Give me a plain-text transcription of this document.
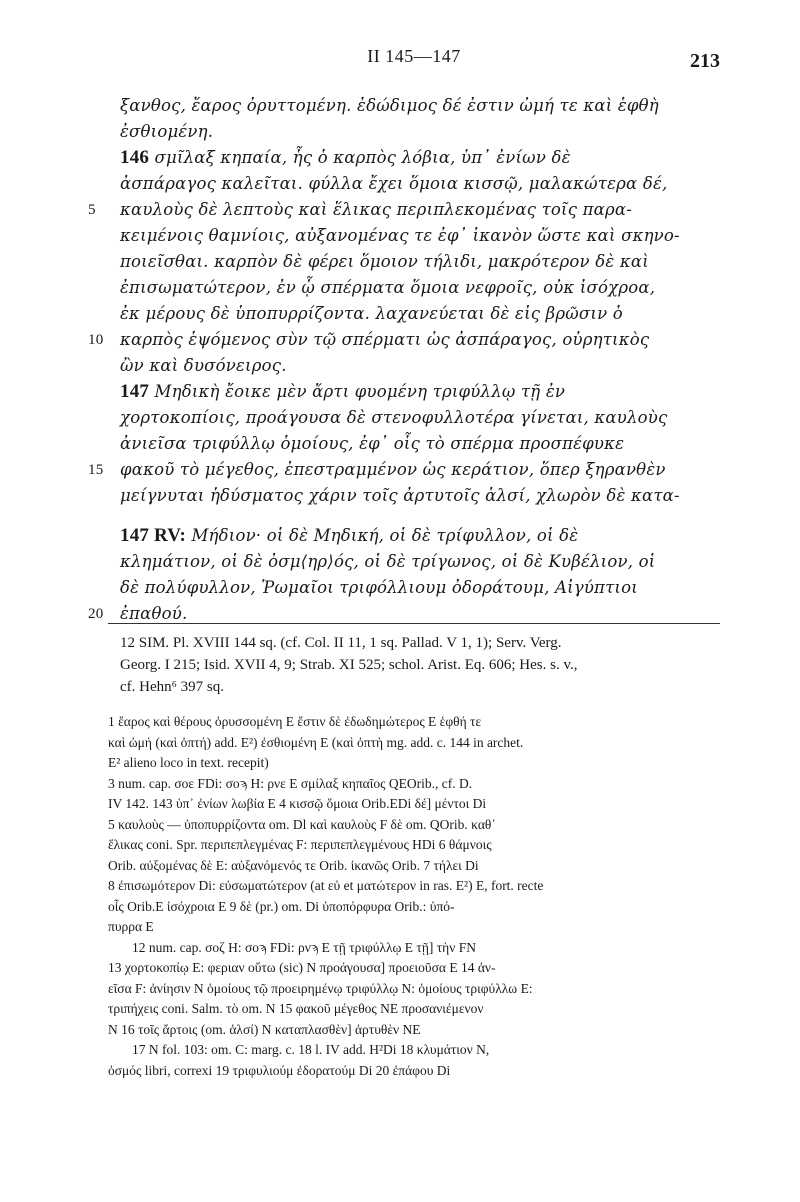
II 145—147	213
ξανθος, ἔαρος ὀρυττομένη. ἐδώδιμος δέ ἐστιν ὠμή τε καὶ ἑφθὴ
ἐσθιομένη.
146 σμῖλαξ κηπαία, ἧς ὁ καρπὸς λόβια, ὑπ᾿ ἐνίων δὲ
ἀσπάραγος καλεῖται. φύλλα ἔχει ὅμοια κισσῷ, μαλακώτερα δέ,
5 καυλοὺς δὲ λεπτοὺς καὶ ἕλικας περιπλεκομένας τοῖς παρα-
κειμένοις θαμνίοις, αὐξανομένας τε ἐφ᾿ ἱκανὸν ὥστε καὶ σκηνο-
ποιεῖσθαι. καρπὸν δὲ φέρει ὅμοιον τήλιδι, μακρότερον δὲ καὶ
ἐπισωματώτερον, ἐν ᾧ σπέρματα ὅμοια νεφροῖς, οὐκ ἰσόχροα,
ἐκ μέρους δὲ ὑποπυρρίζοντα. λαχανεύεται δὲ εἰς βρῶσιν ὁ
10 καρπὸς ἑψόμενος σὺν τῷ σπέρματι ὡς ἀσπάραγος, οὐρητικὸς
ὢν καὶ δυσόνειρος.
147 Μηδικὴ ἔοικε μὲν ἄρτι φυομένη τριφύλλῳ τῇ ἐν
χορτοκοπίοις, προάγουσα δὲ στενοφυλλοτέρα γίνεται, καυλοὺς
ἀνιεῖσα τριφύλλῳ ὁμοίους, ἐφ᾿ οἷς τὸ σπέρμα προσπέφυκε
15 φακοῦ τὸ μέγεθος, ἐπεστραμμένον ὡς κεράτιον, ὅπερ ξηρανθὲν
μείγνυται ἡδύσματος χάριν τοῖς ἀρτυτοῖς ἁλσί, χλωρὸν δὲ κατα-
147 RV: Μήδιον· οἱ δὲ Μηδική, οἱ δὲ τρίφυλλον, οἱ δὲ
κλημάτιον, οἱ δὲ ὀσμ⟨ηρ⟩ός, οἱ δὲ τρίγωνος, οἱ δὲ Κυβέλιον, οἱ
δὲ πολύφυλλον, Ῥωμαῖοι τριφόλλιουμ ὀδοράτουμ, Αἰγύπτιοι
20 ἐπαθού.
12 SIM. Pl. XVIII 144 sq. (cf. Col. II 11, 1 sq. Pallad. V 1, 1); Serv. Verg.
Georg. I 215; Isid. XVII 4, 9; Strab. XI 525; schol. Arist. Eq. 606; Hes. s. v.,
cf. Hehn⁶ 397 sq.
1 ἔαρος καὶ θέρους ὀρυσσομένη E ἔστιν δὲ ἐδωδημώτερος E ἑφθή τε
καὶ ὠμή (καὶ ὀπτή) add. E²) ἐσθιομένη E (καὶ ὀπτὴ mg. add. c. 144 in archet.
E² alieno loco in text. recepit)
3 num. cap. σοε FDi: σοϡ H: ρνε E σμίλαξ κηπαῖος QEOrib., cf. D.
IV 142. 143 ὑπ᾿ ἐνίων λωβία E 4 κισσῷ ὅμοια Orib.EDi δέ] μέντοι Di
5 καυλοὺς — ὑποπυρρίζοντα om. Dl καὶ καυλοὺς F δὲ om. QOrib. καθ᾿
ἕλικας coni. Spr. περιπεπλεγμένας F: περιπεπλεγμένους HDi 6 θάμνοις
Orib. αὐξομένας δὲ E: αὐξανόμενός τε Orib. ἱκανῶς Orib. 7 τήλει Di
8 ἐπισωμότερον Di: εὐσωματώτερον (at εὐ et ματώτερον in ras. E²) E, fort. recte
οἷς Orib.E ἰσόχροια E 9 δὲ (pr.) om. Di ὑποπόρφυρα Orib.: ὑπό-
πυρρα E
12 num. cap. σοζ H: σοϡ FDi: ρνϡ E τῇ τριφύλλῳ E τῇ] τὴν FN
13 χορτοκοπίῳ E: φεριαν οὕτω (sic) N προάγουσα] προειοῦσα E 14 ἀν-
εῖσα F: ἀνίησιν N ὁμοίους τῷ προειρημένῳ τριφύλλῳ N: ὁμοίους τριφύλλω E:
τριπήχεις coni. Salm. τὸ om. N 15 φακοῦ μέγεθος NE προσανιέμενον
N 16 τοῖς ἄρτοις (om. ἁλσί) N καταπλασθὲν] ἀρτυθὲν NE
17 N fol. 103: om. C: marg. c. 18 l. IV add. H²Di 18 κλυμάτιον N,
ὀσμός libri, correxi 19 τριφυλιούμ ἐδορατούμ Di 20 ἐπάφου Di
